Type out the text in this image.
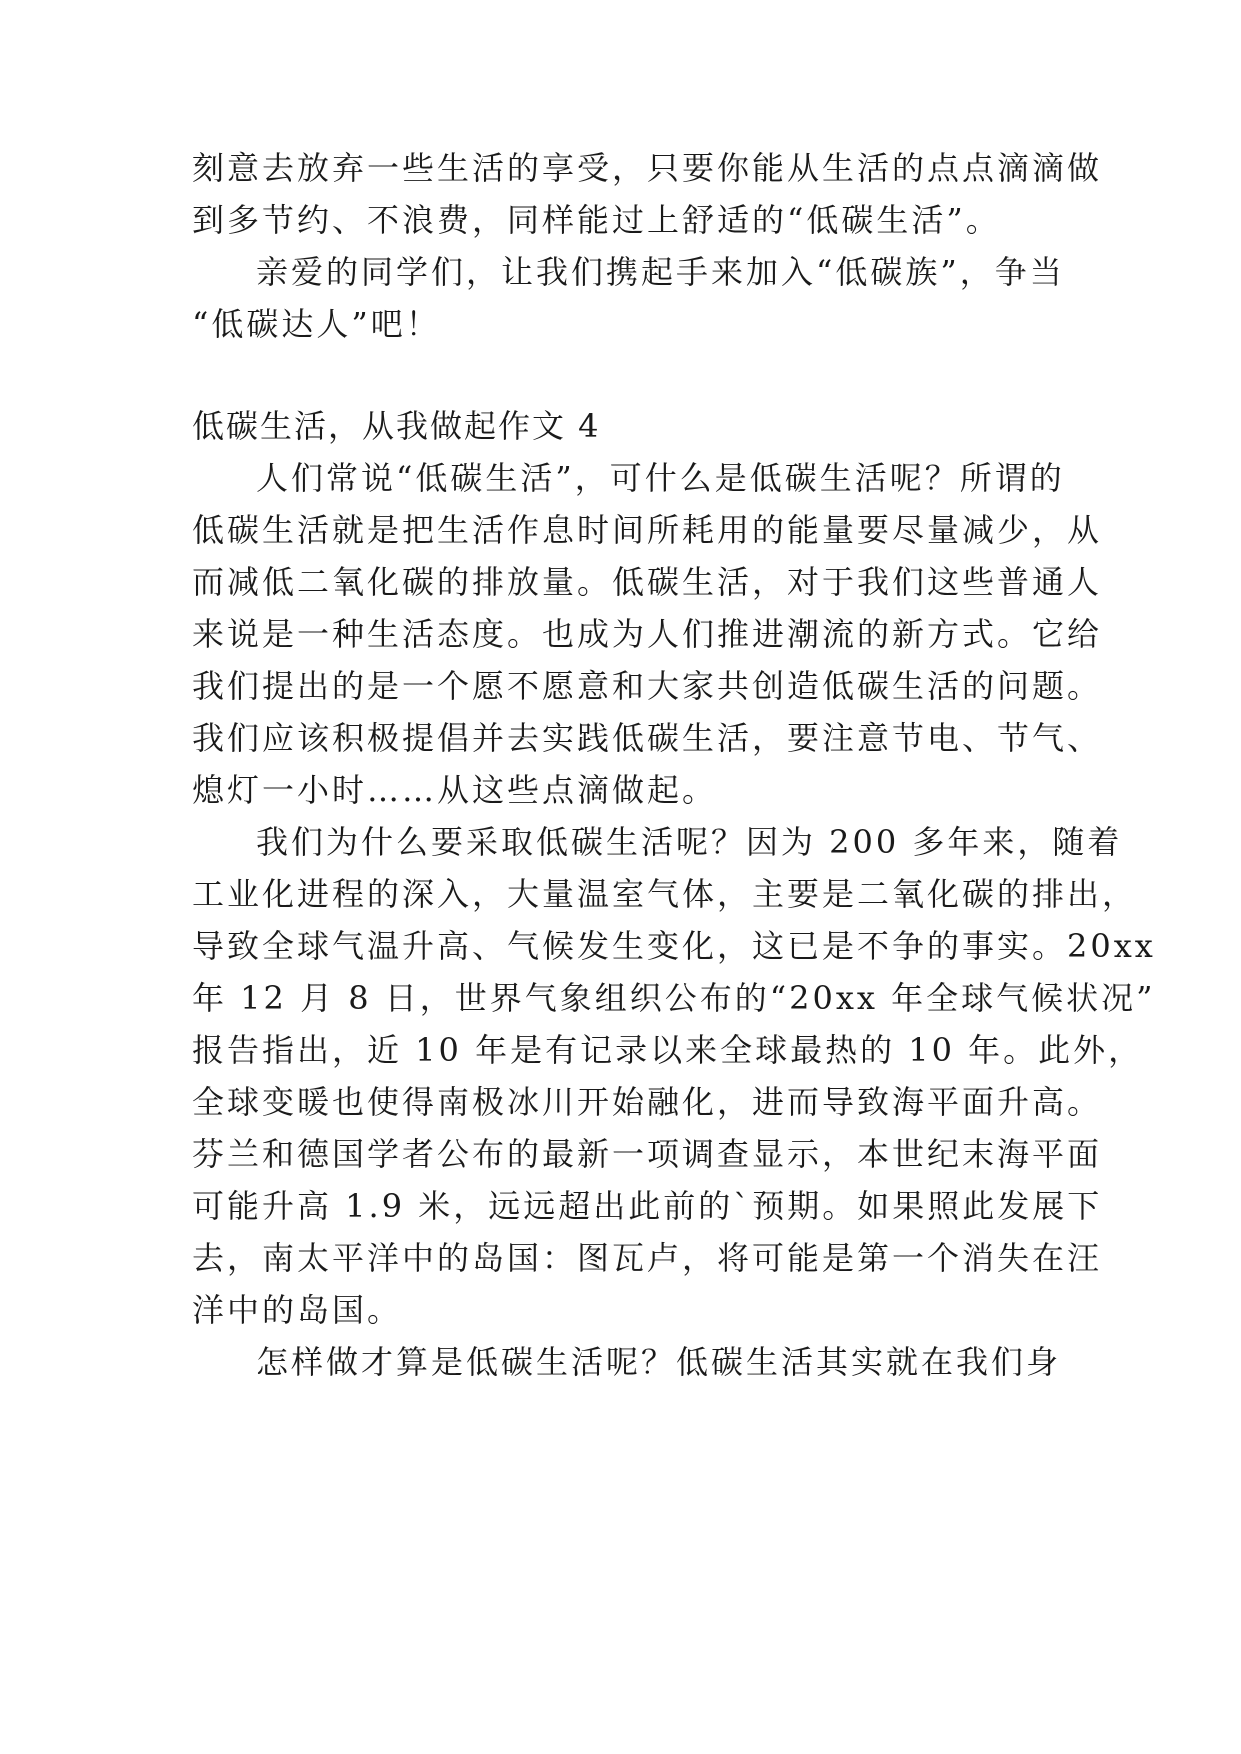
刻意去放弃一些生活的享受，只要你能从生活的点点滴滴做
到多节约、不浪费，同样能过上舒适的“低碳生活”。
亲爱的同学们，让我们携起手来加入“低碳族”，争当
“低碳达人”吧！
低碳生活，从我做起作文 4
人们常说“低碳生活”，可什么是低碳生活呢？所谓的
低碳生活就是把生活作息时间所耗用的能量要尽量减少，从
而减低二氧化碳的排放量。低碳生活，对于我们这些普通人
来说是一种生活态度。也成为人们推进潮流的新方式。它给
我们提出的是一个愿不愿意和大家共创造低碳生活的问题。
我们应该积极提倡并去实践低碳生活，要注意节电、节气、
熄灯一小时……从这些点滴做起。
我们为什么要采取低碳生活呢？因为 200 多年来，随着
工业化进程的深入，大量温室气体，主要是二氧化碳的排出，
导致全球气温升高、气候发生变化，这已是不争的事实。20xx
年 12 月 8 日，世界气象组织公布的“20xx 年全球气候状况”
报告指出，近 10 年是有记录以来全球最热的 10 年。此外，
全球变暖也使得南极冰川开始融化，进而导致海平面升高。
芬兰和德国学者公布的最新一项调查显示，本世纪末海平面
可能升高 1.9 米，远远超出此前的`预期。如果照此发展下
去，南太平洋中的岛国：图瓦卢，将可能是第一个消失在汪
洋中的岛国。
怎样做才算是低碳生活呢？低碳生活其实就在我们身
